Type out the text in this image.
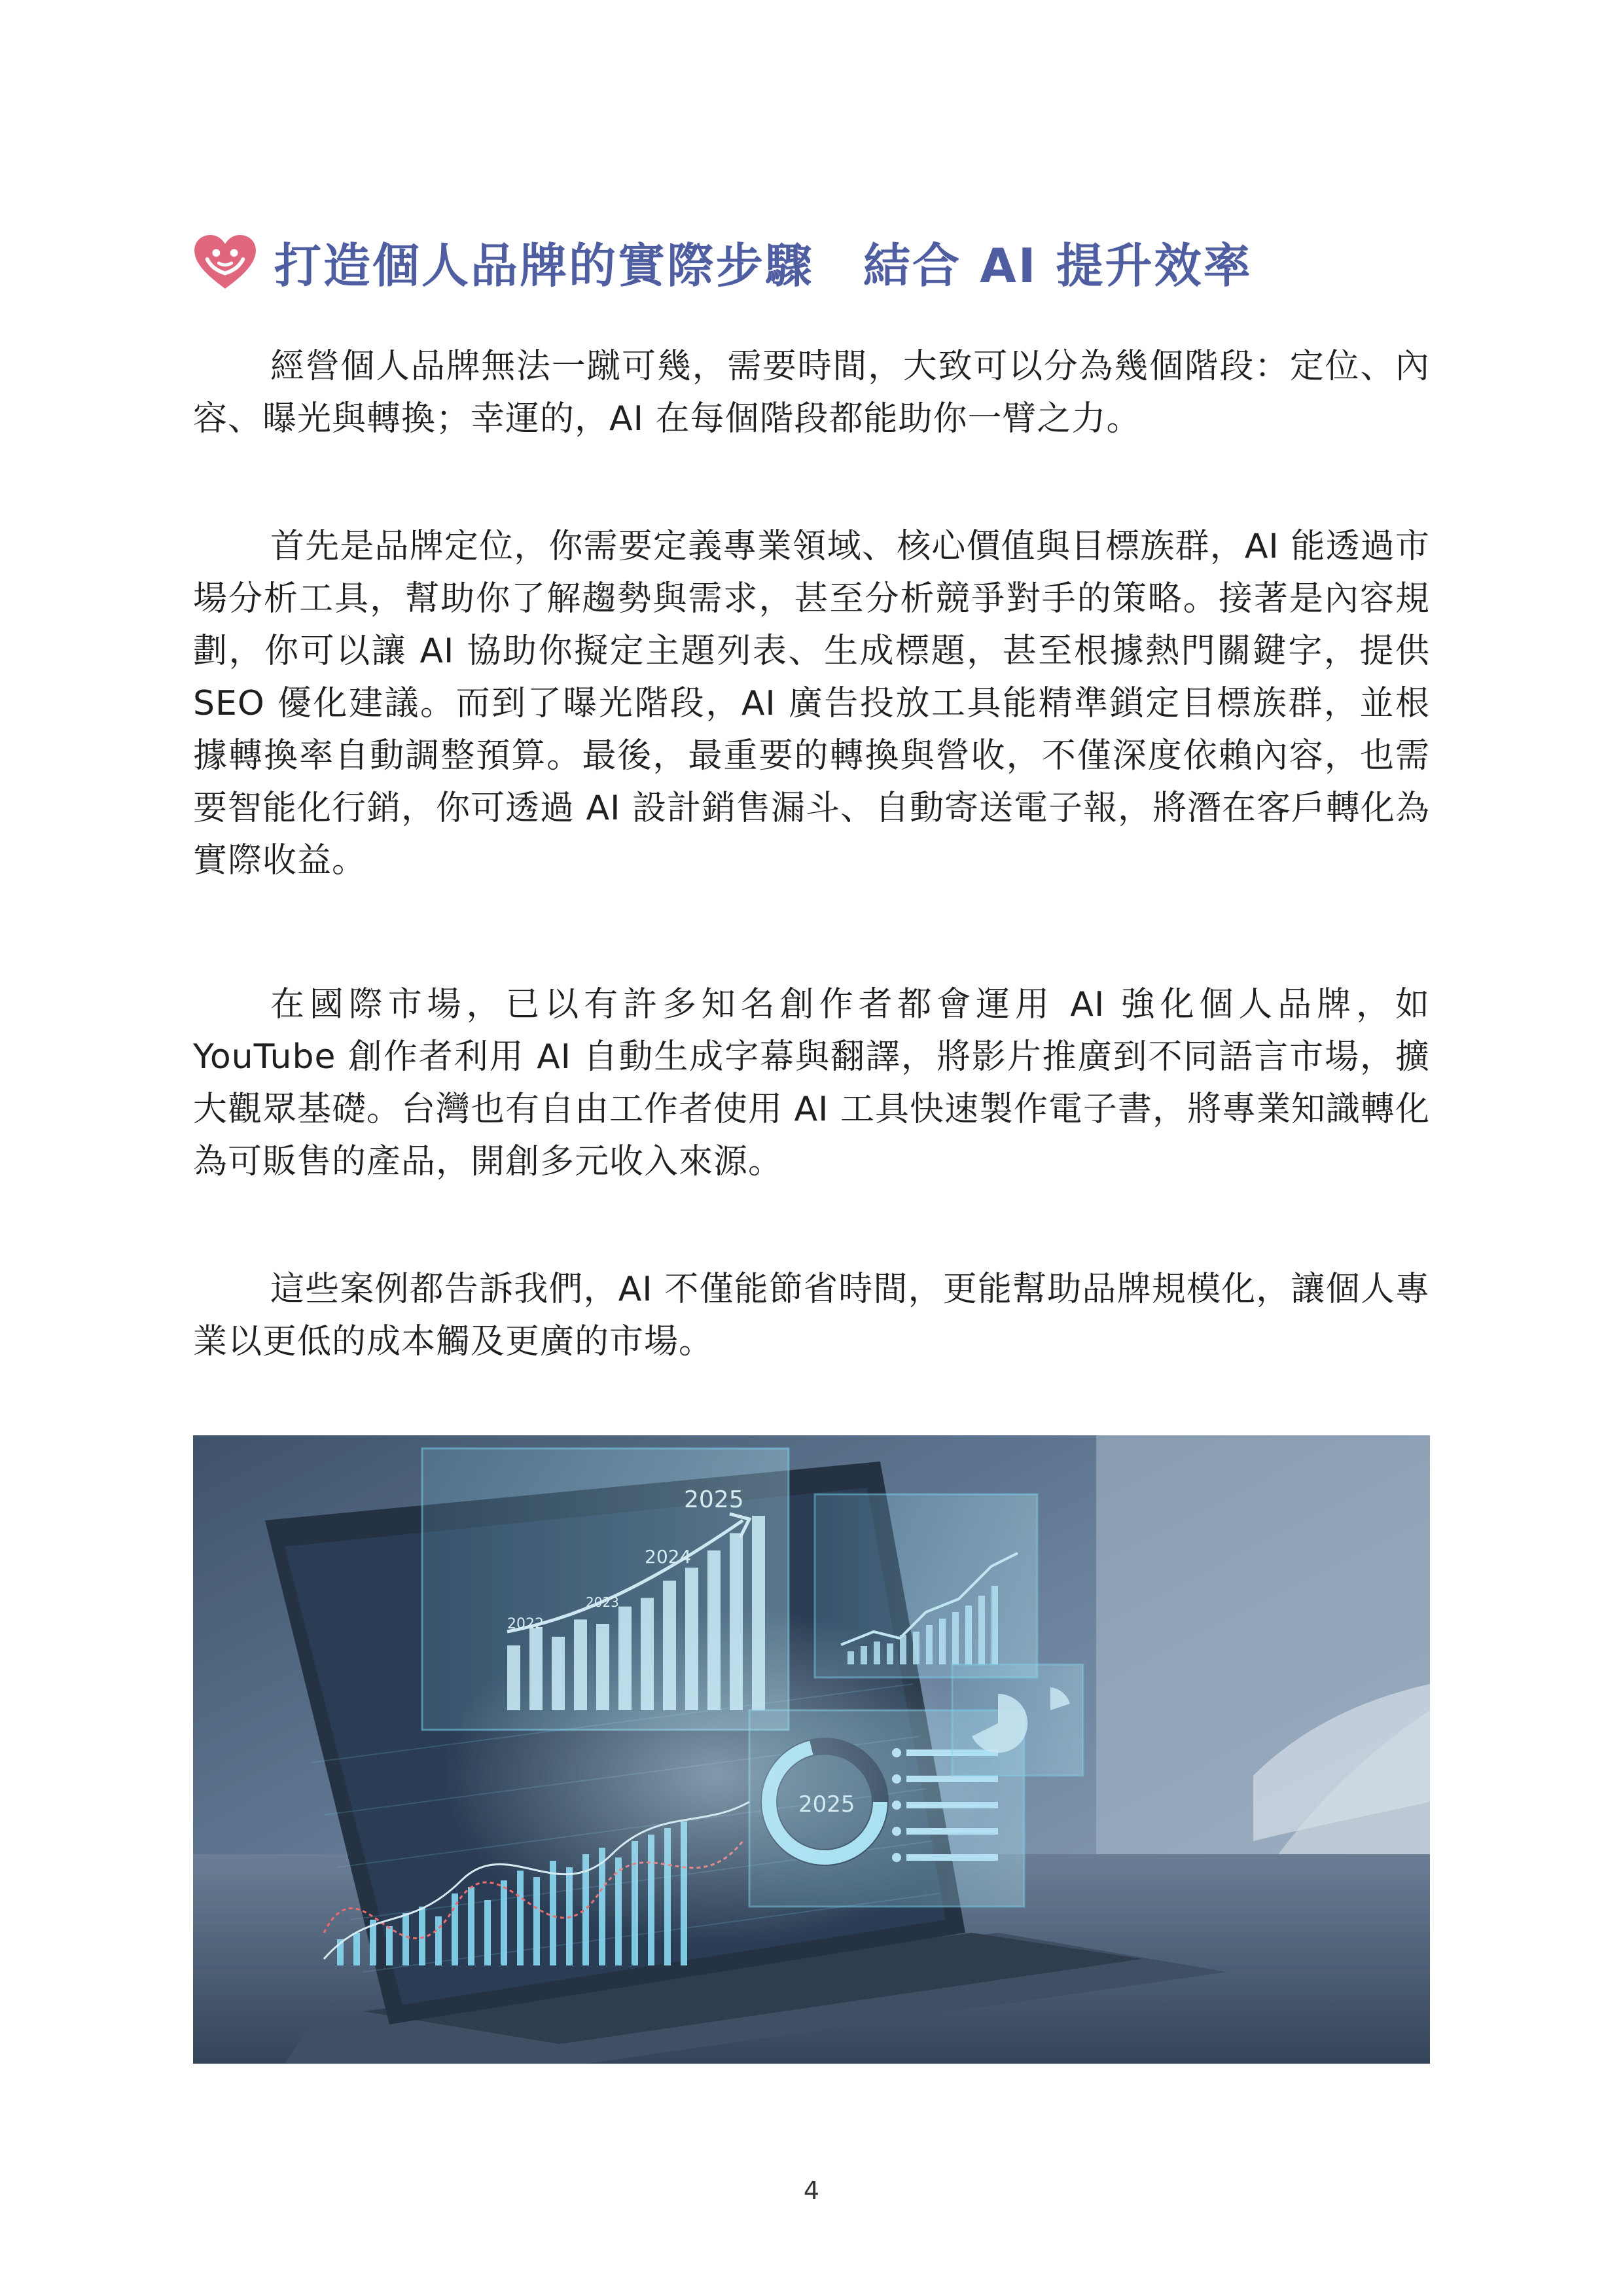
打造個人品牌的實際步驟　結合 AI 提升效率

經營個人品牌無法一蹴可幾，需要時間，大致可以分為幾個階段：定位、內容、曝光與轉換；幸運的，AI 在每個階段都能助你一臂之力。

首先是品牌定位，你需要定義專業領域、核心價值與目標族群，AI 能透過市場分析工具，幫助你了解趨勢與需求，甚至分析競爭對手的策略。接著是內容規劃，你可以讓 AI 協助你擬定主題列表、生成標題，甚至根據熱門關鍵字，提供 SEO 優化建議。而到了曝光階段，AI 廣告投放工具能精準鎖定目標族群，並根據轉換率自動調整預算。最後，最重要的轉換與營收，不僅深度依賴內容，也需要智能化行銷，你可透過 AI 設計銷售漏斗、自動寄送電子報，將潛在客戶轉化為實際收益。

在國際市場，已以有許多知名創作者都會運用 AI 強化個人品牌，如 YouTube 創作者利用 AI 自動生成字幕與翻譯，將影片推廣到不同語言市場，擴大觀眾基礎。台灣也有自由工作者使用 AI 工具快速製作電子書，將專業知識轉化為可販售的產品，開創多元收入來源。

這些案例都告訴我們，AI 不僅能節省時間，更能幫助品牌規模化，讓個人專業以更低的成本觸及更廣的市場。

2025
2024
2023
2022
4
